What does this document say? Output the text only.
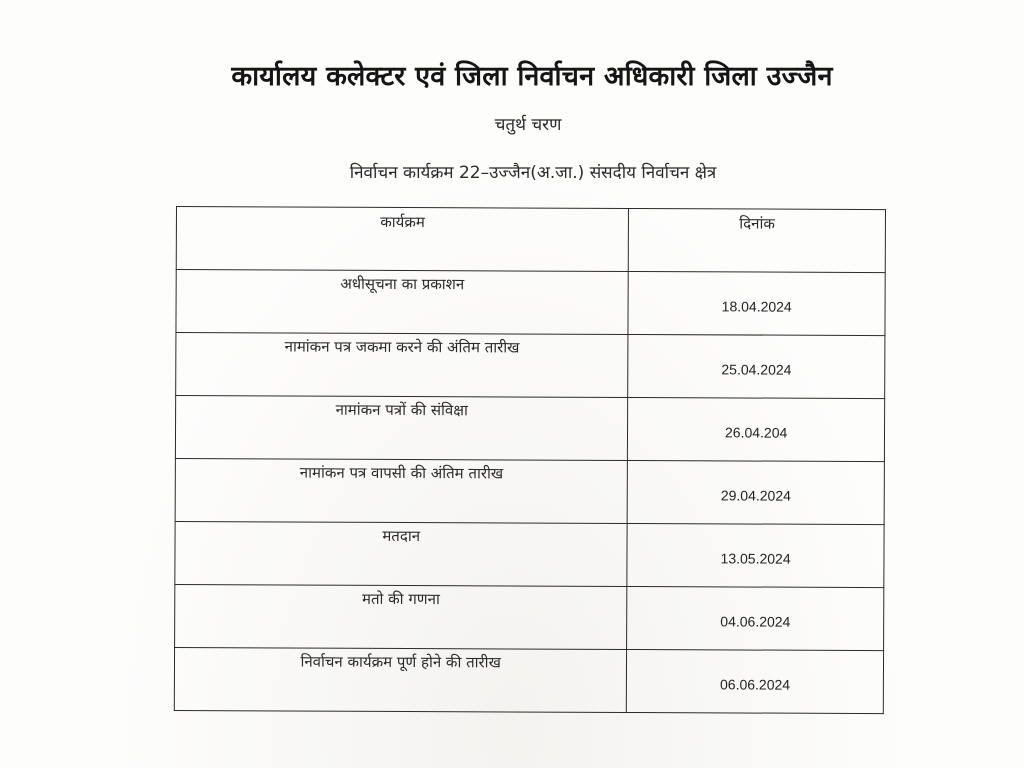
कार्यालय कलेक्टर एवं जिला निर्वाचन अधिकारी जिला उज्जैन
चतुर्थ चरण
निर्वाचन कार्यक्रम 22–उज्जैन(अ.जा.) संसदीय निर्वाचन क्षेत्र
कार्यक्रम	दिनांक

अधीसूचना का प्रकाशन	18.04.2024

नामांकन पत्र जकमा करने की अंतिम तारीख	25.04.2024

नामांकन पत्रों की संविक्षा	26.04.204

नामांकन पत्र वापसी की अंतिम तारीख	29.04.2024

मतदान	13.05.2024

मतो की गणना	04.06.2024

निर्वाचन कार्यक्रम पूर्ण होने की तारीख	06.06.2024
